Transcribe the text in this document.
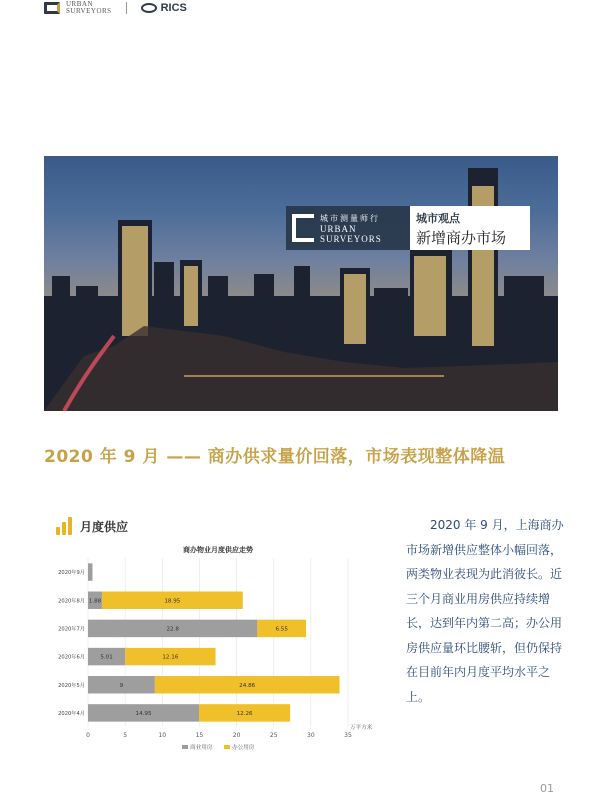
URBAN
SURVEYORS	RICS
城市测量师行
URBAN
SURVEYORS
城市观点
新增商办市场
2020 年 9 月 —— 商办供求量价回落，市场表现整体降温
月度供应
商办物业月度供应走势
0	5	10	15	20	25	30	35
2020年9月
2020年8月 1.88	18.95
2020年7月	22.8	6.55
2020年6月	5.01	12.16
2020年5月	9	24.86
2020年4月	14.95	12.26
万平方米
商业用房	办公用房
2020 年 9 月，上海商办市场新增供应整体小幅回落，两类物业表现为此消彼长。近三个月商业用房供应持续增长，达到年内第二高；办公用房供应量环比腰斩，但仍保持在目前年内月度平均水平之上。
01
